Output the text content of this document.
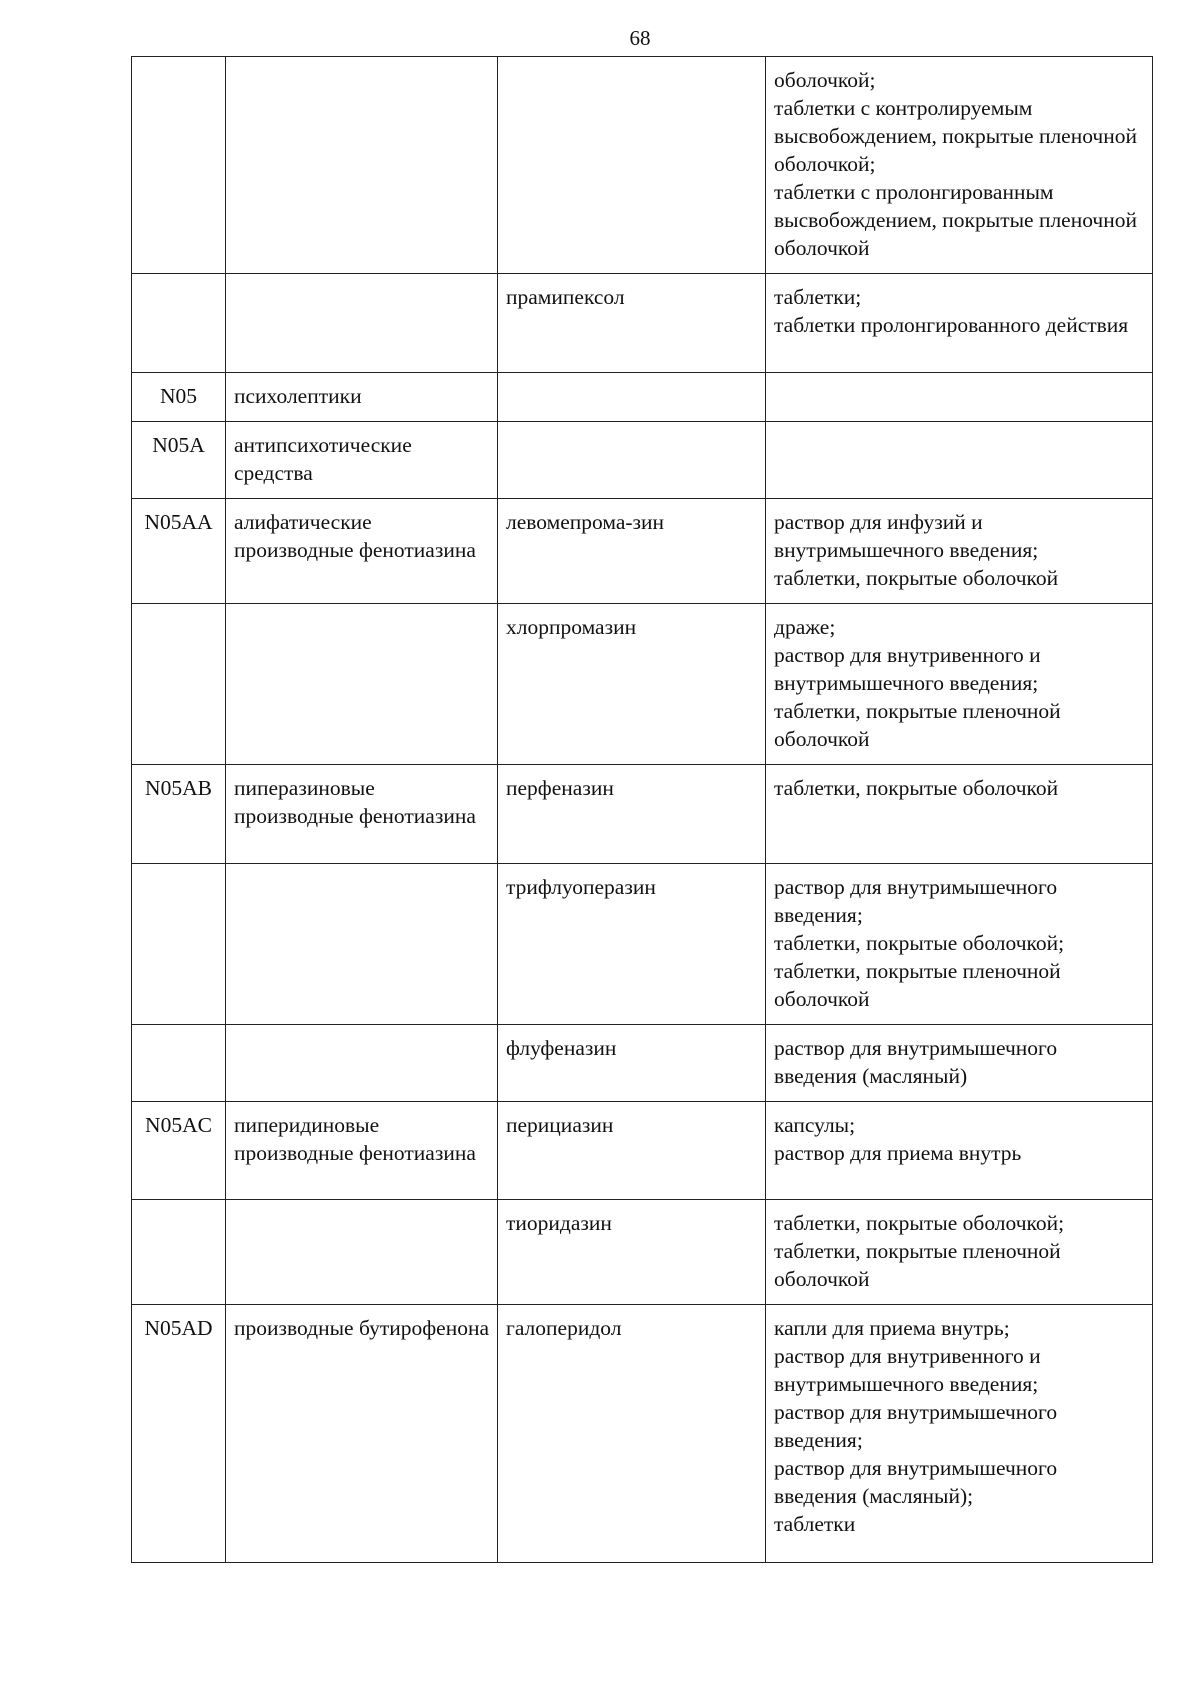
68
			оболочкой;
таблетки с контролируемым высвобождением, покрытые пленочной оболочкой;
таблетки с пролонгированным высвобождением, покрытые пленочной оболочкой
		прамипексол	таблетки;
таблетки пролонгированного действия
N05	психолептики		
N05A	антипсихотические средства		
N05AA	алифатические производные фенотиазина	левомепрома-зин	раствор для инфузий и внутримышечного введения;
таблетки, покрытые оболочкой
		хлорпромазин	драже;
раствор для внутривенного и внутримышечного введения;
таблетки, покрытые пленочной оболочкой
N05AB	пиперазиновые производные фенотиазина	перфеназин	таблетки, покрытые оболочкой
		трифлуоперазин	раствор для внутримышечного введения;
таблетки, покрытые оболочкой;
таблетки, покрытые пленочной оболочкой
		флуфеназин	раствор для внутримышечного введения (масляный)
N05AC	пиперидиновые производные фенотиазина	перициазин	капсулы;
раствор для приема внутрь
		тиоридазин	таблетки, покрытые оболочкой;
таблетки, покрытые пленочной оболочкой
N05AD	производные бутирофенона	галоперидол	капли для приема внутрь;
раствор для внутривенного и внутримышечного введения;
раствор для внутримышечного введения;
раствор для внутримышечного введения (масляный);
таблетки
